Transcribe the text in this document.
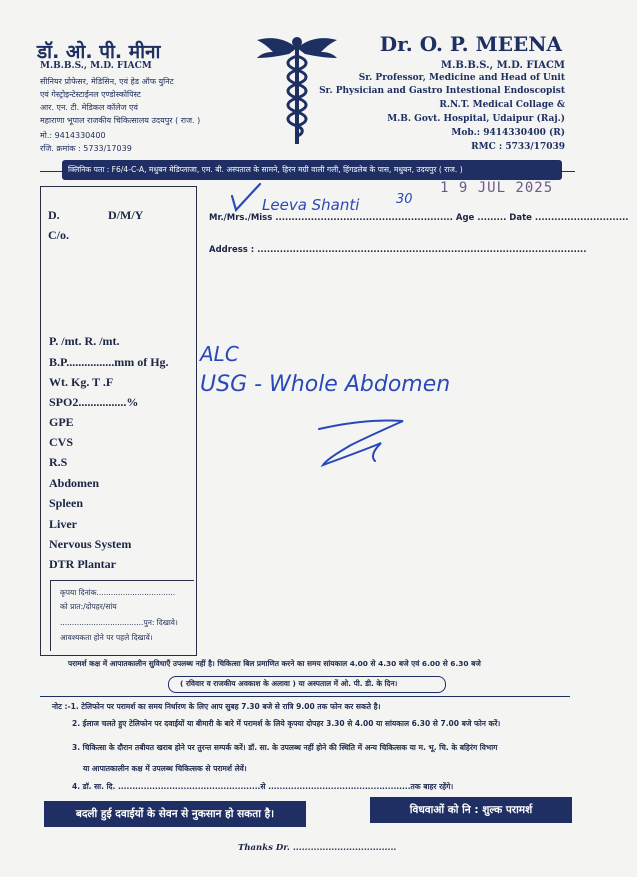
डॉ. ओ. पी. मीना
M.B.B.S., M.D. FIACM
सीनियर प्रोफेसर, मेडिसिन, एवं हेड ऑफ युनिट
एवं गेस्ट्रोइन्टेस्टाईनल एण्डोस्कोपिस्ट
आर. एन. टी. मेडिकल कॉलेज एवं
महाराणा भूपाल राजकीय चिकित्सालय उदयपुर ( राज. )
मो.: 9414330400
रजि. क्रमांक : 5733/17039
Dr. O. P. MEENA
M.B.B.S., M.D. FIACM
Sr. Professor, Medicine and Head of Unit
Sr. Physician and Gastro Intestional Endoscopist
R.N.T. Medical Collage &
M.B. Govt. Hospital, Udaipur (Raj.)
Mob.: 9414330400 (R)
RMC : 5733/17039
क्लिनिक पता : F6/4-C-A, मधुबन मेडिप्लाजा, एम. बी. अस्पताल के सामने, हिरन मग्री वाली गली, हिंगडलेब के पास, मधुबन, उदयपुर ( राज. )
1 9 JUL 2025
D.	D/M/Y
C/o.
P. /mt. R. /mt.
B.P................mm of Hg.
Wt. Kg. T .F
SPO2................%
GPE
CVS
R.S
Abdomen
Spleen
Liver
Nervous System
DTR Plantar
कृपया दिनांक.................................
को प्रात:/दोपहर/सांय
...................................पुन: दिखावे।
आवश्यकता होने पर पहले दिखावें।
Mr./Mrs./Miss ....................................................... Age ......... Date .............................
Leeva Shanti	30
Address : ......................................................................................................
ALC
USG - Whole Abdomen
परामर्श कक्ष में आपातकालीन सुविधाएँ उपलब्ध नहीं है। चिकित्सा बिल प्रमाणित करने का समय सांयकाल 4.00 से 4.30 बजे एवं 6.00 से 6.30 बजे
( रविवार व राजकीय अवकाश के अलावा ) या अस्पताल में ओ. पी. डी. के दिन।
नोट :-1. टेलिफोन पर परामर्श का समय निर्धारण के लिए आप सुबह 7.30 बजे से रात्रि 9.00 तक फोन कर सकते है।
2. ईलाज चलते हुए टेलिफोन पर दवाईयों या बीमारी के बारे में परामर्श के लिये कृपया दोपहर 3.30 से 4.00 या सांयकाल 6.30 से 7.00 बजे फोन करें।
3. चिकित्सा के दौरान तबीयत खराब होने पर तुरन्त सम्पर्क करें। डॉ. सा. के उपलब्ध नहीं होने की स्थिति में अन्य चिकित्सक या म. भू. चि. के बहिरंग विभाग
या आपातकालीन कक्ष में उपलब्ध चिकित्सक से परामर्श लेवें।
4. डॉ. सा. दि. ..................................................से ..................................................तक बाहर रहेंगे।
बदली हुई दवाईयों के सेवन से नुकसान हो सकता है।	विधवाओं को नि : शुल्क परामर्श
Thanks Dr. ...................................
